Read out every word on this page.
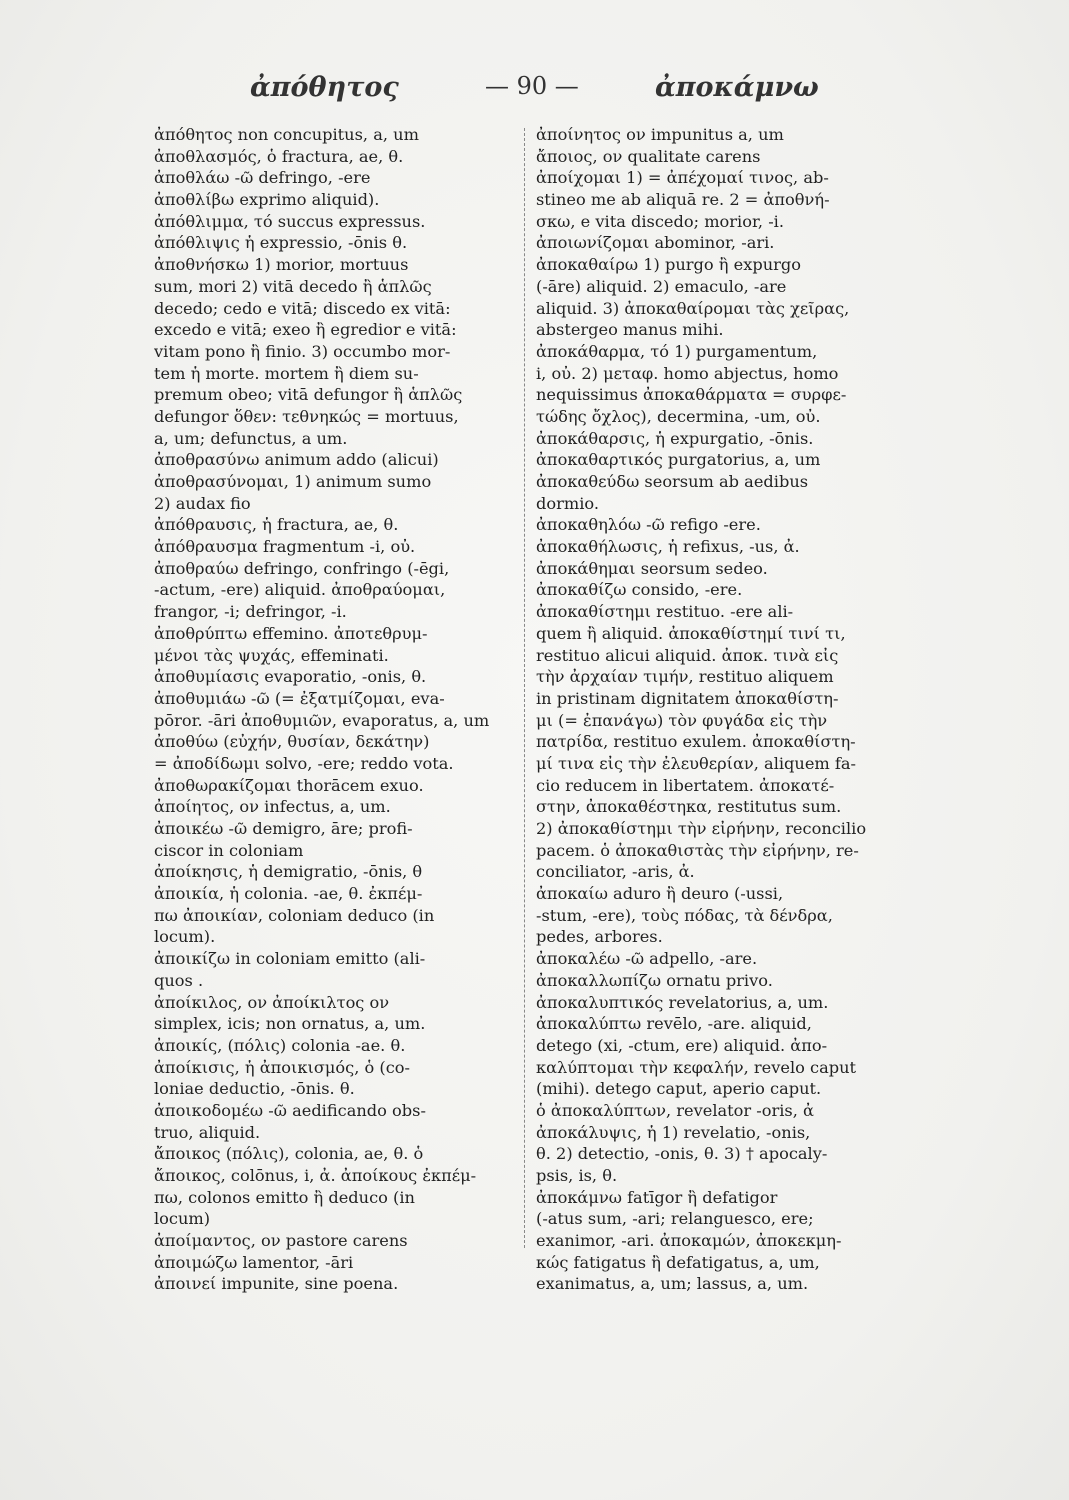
ἀπόθητος	— 90 —	ἀποκάμνω
ἀπόθητος non concupitus, a, um
ἀποθλασμός, ὁ fractura, ae, θ.
ἀποθλάω -ῶ defringo, -ere
ἀποθλίβω exprimo aliquid).
ἀπόθλιμμα, τό succus expressus.
ἀπόθλιψις ἡ expressio, -ōnis θ.
ἀποθνήσκω 1) morior, mortuus
sum, mori 2) vitā decedo ἢ ἁπλῶς
decedo; cedo e vitā; discedo ex vitā:
excedo e vitā; exeo ἢ egredior e vitā:
vitam pono ἢ finio. 3) occumbo mor-
tem ἡ morte. mortem ἢ diem su-
premum obeo; vitā defungor ἢ ἁπλῶς
defungor ὅθεν: τεθνηκώς = mortuus,
a, um; defunctus, a um.
ἀποθρασύνω animum addo (alicui)
ἀποθρασύνομαι, 1) animum sumo
2) audax fio
ἀπόθραυσις, ἡ fractura, ae, θ.
ἀπόθραυσμα fragmentum -i, οὐ.
ἀποθραύω defringo, confringo (-ēgi,
-actum, -ere) aliquid. ἀποθραύομαι,
frangor, -i; defringor, -i.
ἀποθρύπτω effemino. ἀποτεθρυμ-
μένοι τὰς ψυχάς, effeminati.
ἀποθυμίασις evaporatio, -onis, θ.
ἀποθυμιάω -ῶ (= ἐξατμίζομαι, eva-
pōror. -āri ἀποθυμιῶν, evaporatus, a, um
ἀποθύω (εὐχήν, θυσίαν, δεκάτην)
= ἀποδίδωμι solvo, -ere; reddo vota.
ἀποθωρακίζομαι thorācem exuo.
ἀποίητος, ον infectus, a, um.
ἀποικέω -ῶ demigro, āre; profi-
ciscor in coloniam
ἀποίκησις, ἡ demigratio, -ōnis, θ
ἀποικία, ἡ colonia. -ae, θ. ἐκπέμ-
πω ἀποικίαν, coloniam deduco (in
locum).
ἀποικίζω in coloniam emitto (ali-
quos .
ἀποίκιλος, ον ἀποίκιλτος ον
simplex, icis; non ornatus, a, um.
ἀποικίς, (πόλις) colonia -ae. θ.
ἀποίκισις, ἡ ἀποικισμός, ὁ (co-
loniae deductio, -ōnis. θ.
ἀποικοδομέω -ῶ aedificando obs-
truo, aliquid.
ἄποικος (πόλις), colonia, ae, θ. ὁ
ἄποικος, colōnus, i, ἀ. ἀποίκους ἐκπέμ-
πω, colonos emitto ἢ deduco (in
locum)
ἀποίμαντος, ον pastore carens
ἀποιμώζω lamentor, -āri
ἀποινεί impunite, sine poena.
ἀποίνητος ον impunitus a, um
ἄποιος, ον qualitate carens
ἀποίχομαι 1) = ἀπέχομαί τινος, ab-
stineo me ab aliquā re. 2 = ἀποθνή-
σκω, e vita discedo; morior, -i.
ἀποιωνίζομαι abominor, -ari.
ἀποκαθαίρω 1) purgo ἢ expurgo
(-āre) aliquid. 2) emaculo, -are
aliquid. 3) ἀποκαθαίρομαι τὰς χεῖρας,
abstergeo manus mihi.
ἀποκάθαρμα, τό 1) purgamentum,
i, οὐ. 2) μεταφ. homo abjectus, homo
nequissimus ἀποκαθάρματα = συρφε-
τώδης ὄχλος), decermina, -um, οὐ.
ἀποκάθαρσις, ἡ expurgatio, -ōnis.
ἀποκαθαρτικός purgatorius, a, um
ἀποκαθεύδω seorsum ab aedibus
dormio.
ἀποκαθηλόω -ῶ refigo -ere.
ἀποκαθήλωσις, ἡ refixus, -us, ἀ.
ἀποκάθημαι seorsum sedeo.
ἀποκαθίζω consido, -ere.
ἀποκαθίστημι restituo. -ere ali-
quem ἢ aliquid. ἀποκαθίστημί τινί τι,
restituo alicui aliquid. ἀποκ. τινὰ εἰς
τὴν ἀρχαίαν τιμήν, restituo aliquem
in pristinam dignitatem ἀποκαθίστη-
μι (= ἐπανάγω) τὸν φυγάδα εἰς τὴν
πατρίδα, restituo exulem. ἀποκαθίστη-
μί τινα εἰς τὴν ἐλευθερίαν, aliquem fa-
cio reducem in libertatem. ἀποκατέ-
στην, ἀποκαθέστηκα, restitutus sum.
2) ἀποκαθίστημι τὴν εἰρήνην, reconcilio
pacem. ὁ ἀποκαθιστὰς τὴν εἰρήνην, re-
conciliator, -aris, ἀ.
ἀποκαίω aduro ἢ deuro (-ussi,
-stum, -ere), τοὺς πόδας, τὰ δένδρα,
pedes, arbores.
ἀποκαλέω -ῶ adpello, -are.
ἀποκαλλωπίζω ornatu privo.
ἀποκαλυπτικός revelatorius, a, um.
ἀποκαλύπτω revēlo, -are. aliquid,
detego (xi, -ctum, ere) aliquid. ἀπο-
καλύπτομαι τὴν κεφαλήν, revelo caput
(mihi). detego caput, aperio caput.
ὁ ἀποκαλύπτων, revelator -oris, ἀ
ἀποκάλυψις, ἡ 1) revelatio, -onis,
θ. 2) detectio, -onis, θ. 3) † apocaly-
psis, is, θ.
ἀποκάμνω fatīgor ἢ defatigor
(-atus sum, -ari; relanguesco, ere;
exanimor, -ari. ἀποκαμών, ἀποκεκμη-
κώς fatigatus ἢ defatigatus, a, um,
exanimatus, a, um; lassus, a, um.
